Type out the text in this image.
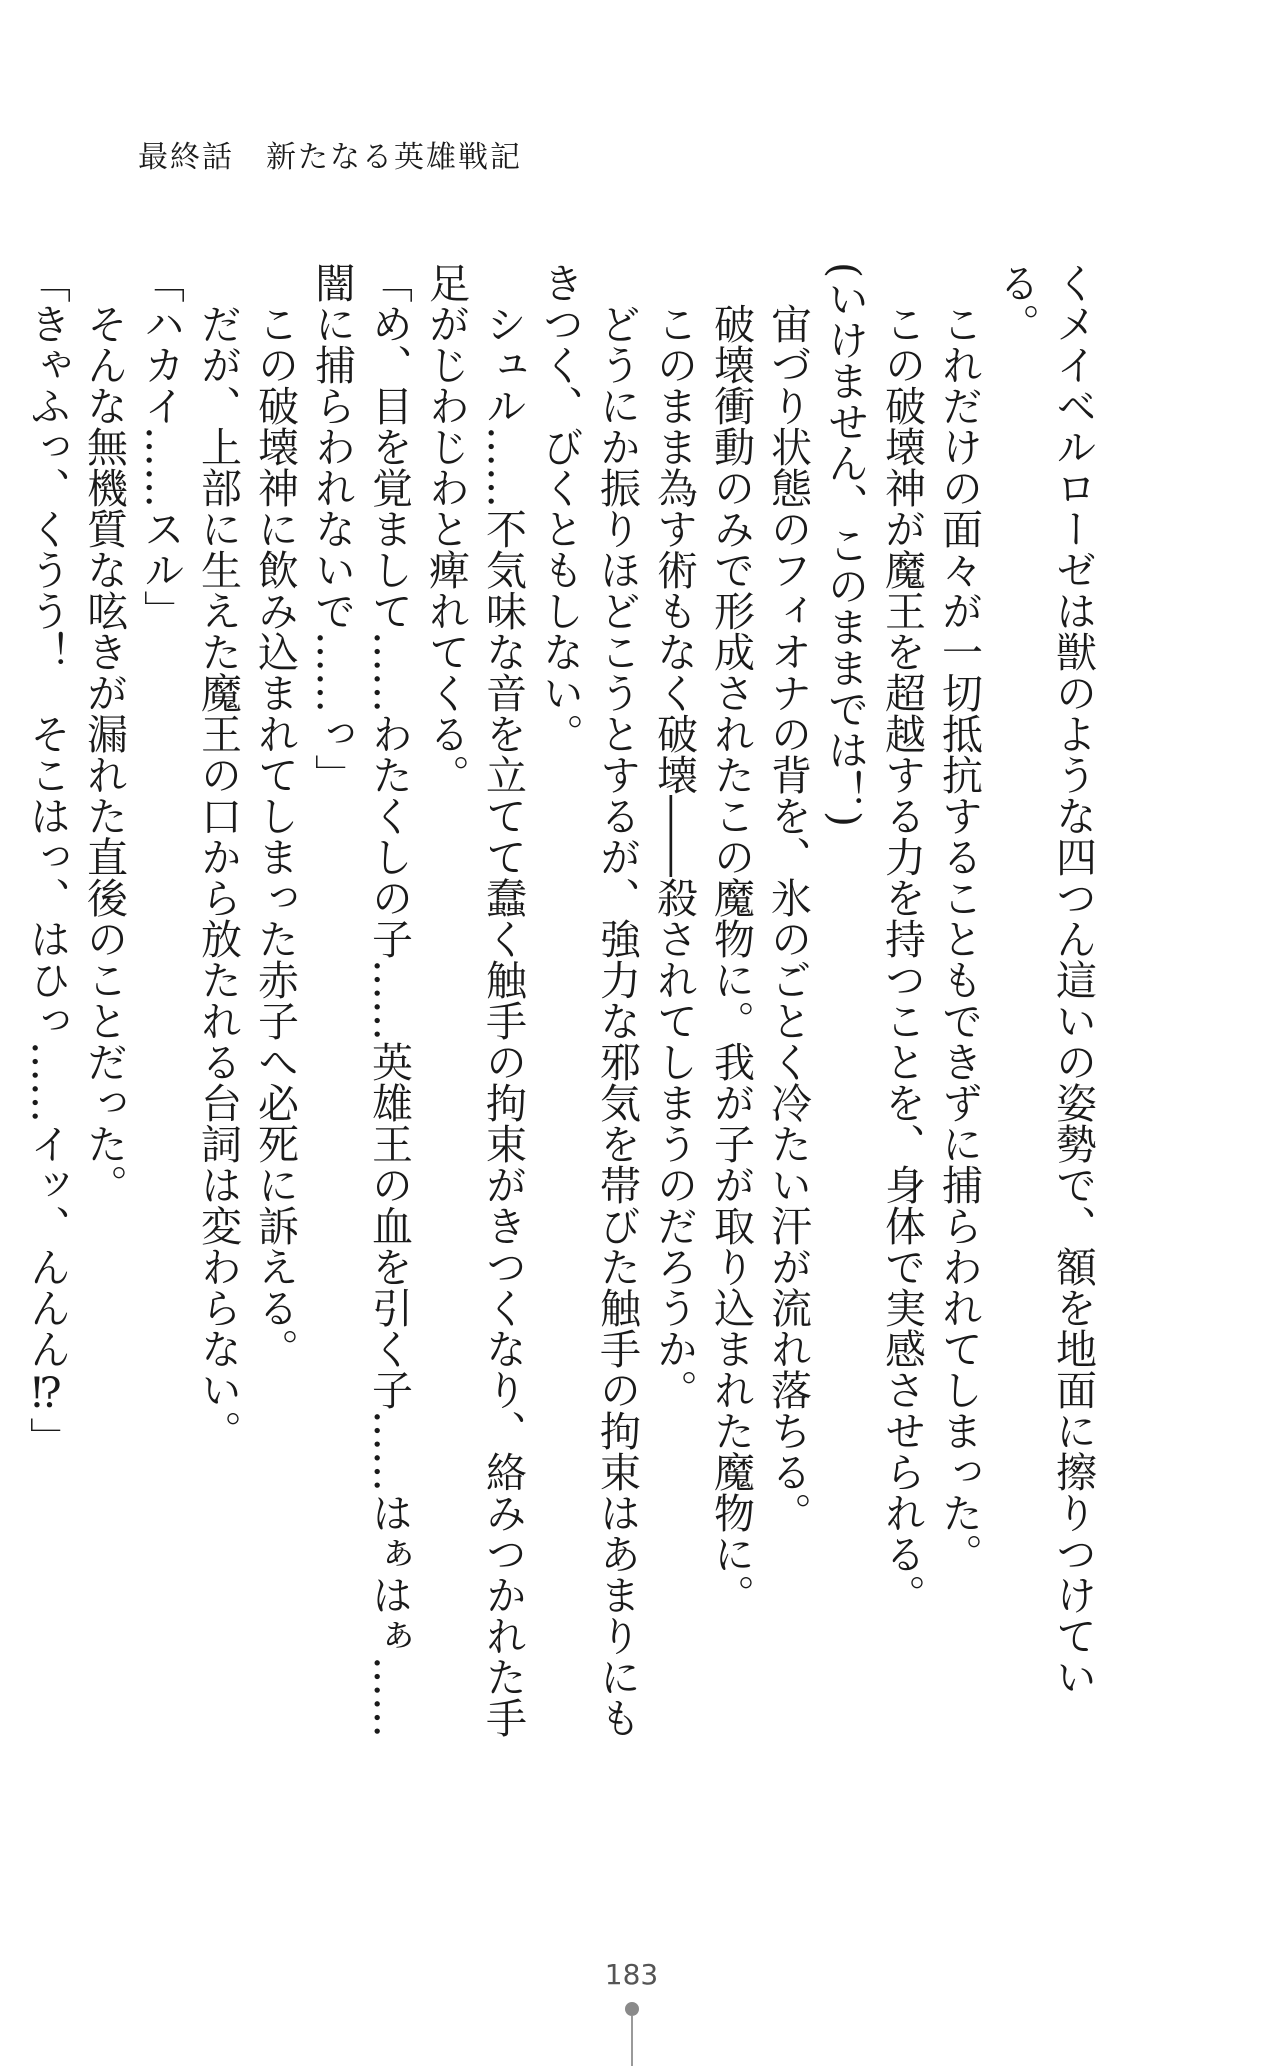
最終話　新たなる英雄戦記

くメイベルローゼは獣のような四つん這いの姿勢で、額を地面に擦りつけている。

これだけの面々が一切抵抗することもできずに捕らわれてしまった。

この破壊神が魔王を超越する力を持つことを、身体で実感させられる。

(いけません、このままでは！)

宙づり状態のフィオナの背を、氷のごとく冷たい汗が流れ落ちる。

破壊衝動のみで形成されたこの魔物に。我が子が取り込まれた魔物に。

このまま為す術もなく破壊――殺されてしまうのだろうか。

どうにか振りほどこうとするが、強力な邪気を帯びた触手の拘束はあまりにもきつく、びくともしない。

シュル……不気味な音を立てて蠢く触手の拘束がきつくなり、絡みつかれた手足がじわじわと痺れてくる。

「め、目を覚まして……わたくしの子……英雄王の血を引く子……はぁはぁ……闇に捕らわれないで……っ」

この破壊神に飲み込まれてしまった赤子へ必死に訴える。

だが、上部に生えた魔王の口から放たれる台詞は変わらない。

「ハカイ……スル」

そんな無機質な呟きが漏れた直後のことだった。

「きゃふっ、くうう！　そこはっ、はひっ……イッ、んんん⁉」

183
